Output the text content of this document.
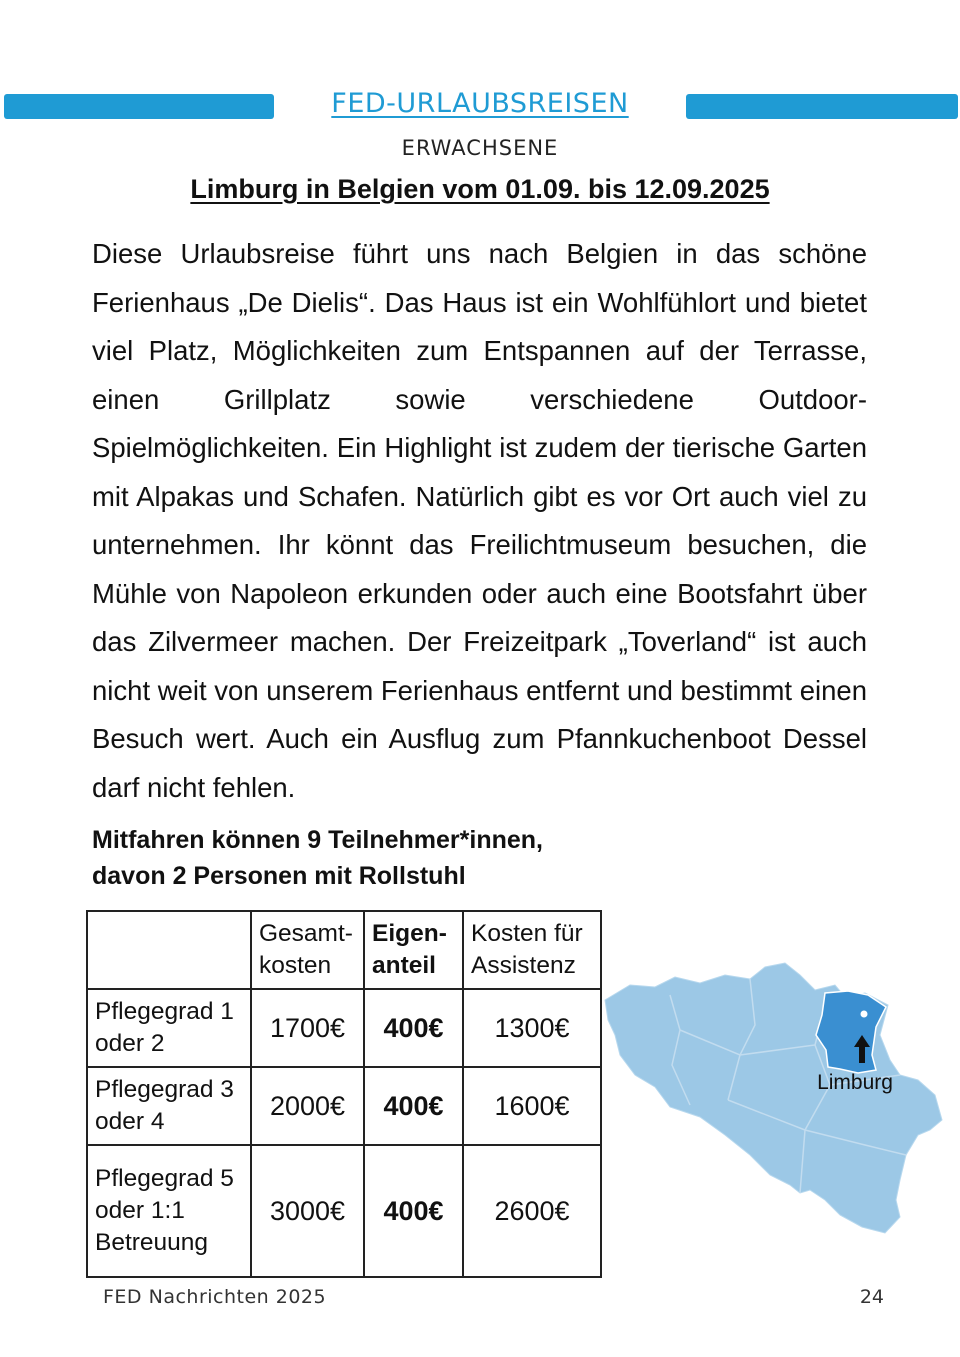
FED-URLAUBSREISEN
ERWACHSENE
Limburg in Belgien vom 01.09. bis 12.09.2025

Diese Urlaubsreise führt uns nach Belgien in das schöne Ferienhaus „De Dielis“. Das Haus ist ein Wohlfühlort und bietet viel Platz, Möglichkeiten zum Entspannen auf der Terrasse, einen Grillplatz sowie verschiedene Outdoor-Spielmöglichkeiten. Ein Highlight ist zudem der tierische Garten mit Alpakas und Schafen. Natürlich gibt es vor Ort auch viel zu unternehmen. Ihr könnt das Freilichtmuseum besuchen, die Mühle von Napoleon erkunden oder auch eine Bootsfahrt über das Zilvermeer machen. Der Freizeitpark „Toverland“ ist auch nicht weit von unserem Ferienhaus entfernt und bestimmt einen Besuch wert. Auch ein Ausflug zum Pfannkuchenboot Dessel darf nicht fehlen.

Mitfahren können 9 Teilnehmer*innen,
davon 2 Personen mit Rollstuhl
	Gesamt-kosten	Eigen-anteil	Kosten für Assistenz
Pflegegrad 1 oder 2	1700€	400€	1300€
Pflegegrad 3 oder 4	2000€	400€	1600€
Pflegegrad 5 oder 1:1 Betreuung	3000€	400€	2600€
Limburg
FED Nachrichten 2025	24
